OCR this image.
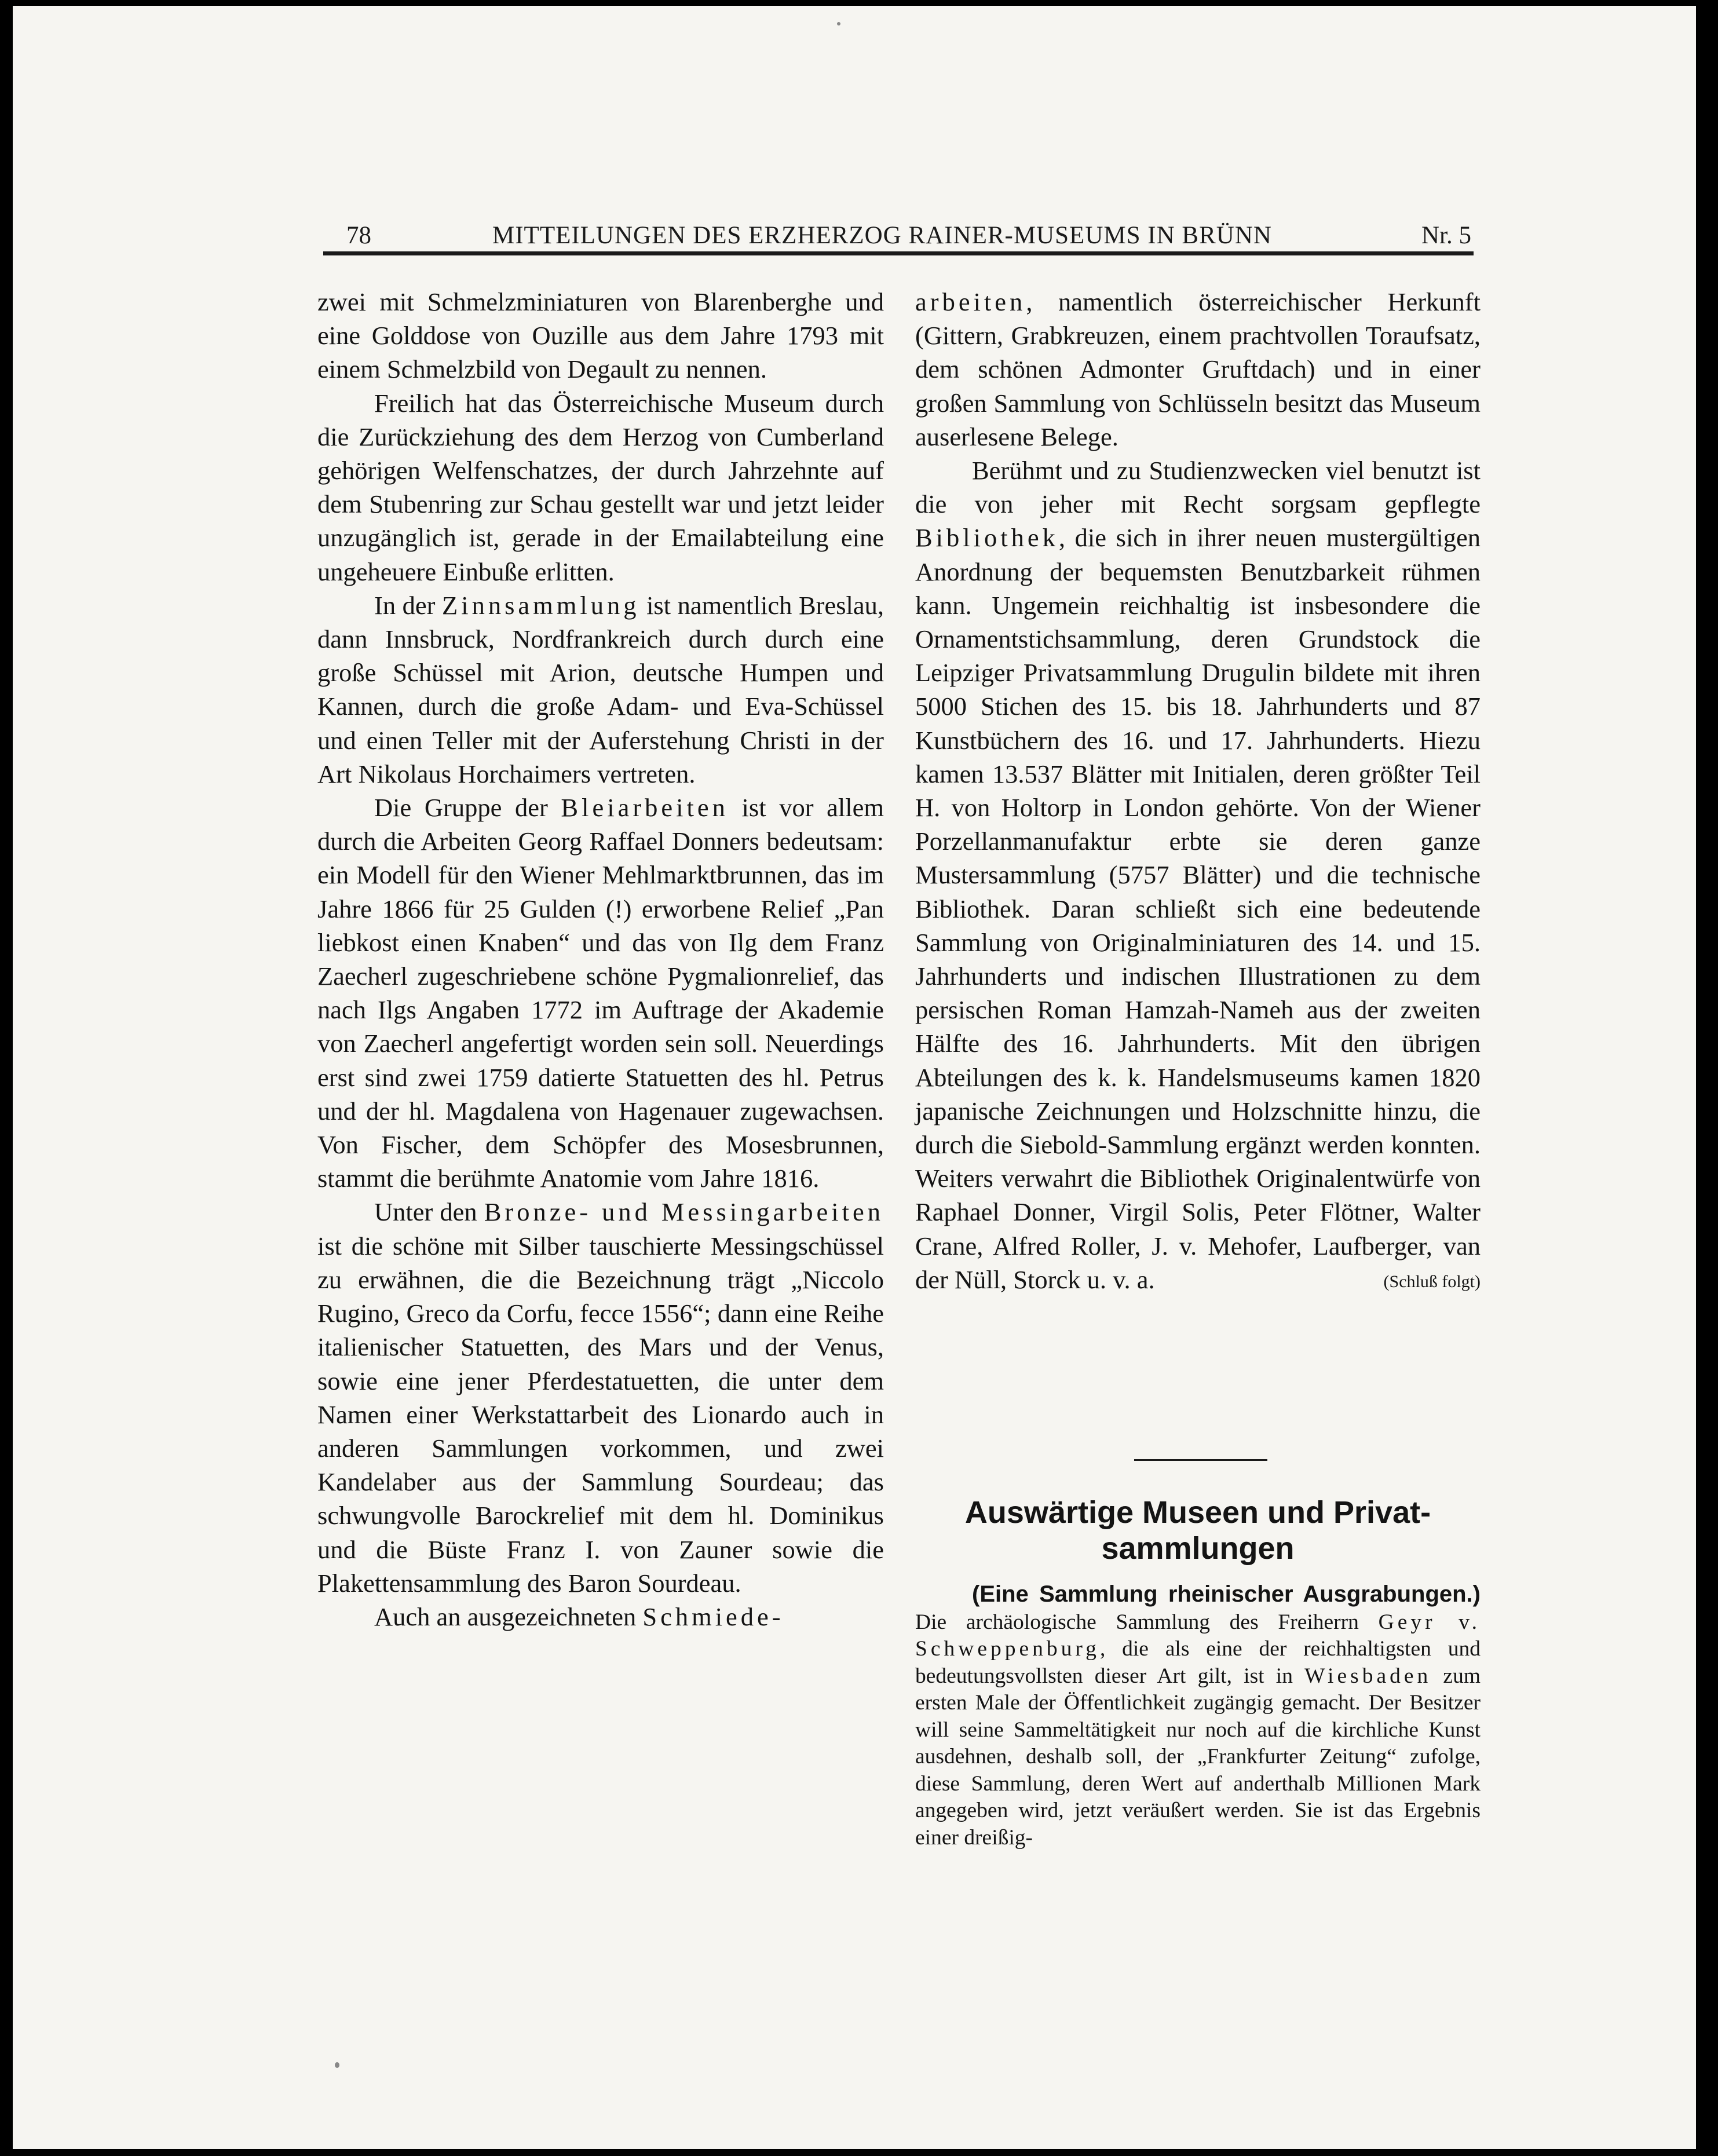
78	MITTEILUNGEN DES ERZHERZOG RAINER-MUSEUMS IN BRÜNN	Nr. 5

zwei mit Schmelzminiaturen von Blarenberghe und eine Golddose von Ouzille aus dem Jahre 1793 mit einem Schmelzbild von Degault zu nennen.

Freilich hat das Österreichische Museum durch die Zurückziehung des dem Herzog von Cumberland gehörigen Welfenschatzes, der durch Jahrzehnte auf dem Stubenring zur Schau gestellt war und jetzt leider unzugänglich ist, gerade in der Emailabteilung eine ungeheuere Einbuße erlitten.

In der Zinnsammlung ist namentlich Breslau, dann Innsbruck, Nordfrankreich durch durch eine große Schüssel mit Arion, deutsche Humpen und Kannen, durch die große Adam- und Eva-Schüssel und einen Teller mit der Auferstehung Christi in der Art Nikolaus Horchaimers vertreten.

Die Gruppe der Bleiarbeiten ist vor allem durch die Arbeiten Georg Raffael Donners bedeutsam: ein Modell für den Wiener Mehlmarktbrunnen, das im Jahre 1866 für 25 Gulden (!) erworbene Relief „Pan liebkost einen Knaben“ und das von Ilg dem Franz Zaecherl zugeschriebene schöne Pygmalionrelief, das nach Ilgs Angaben 1772 im Auftrage der Akademie von Zaecherl angefertigt worden sein soll. Neuerdings erst sind zwei 1759 datierte Statuetten des hl. Petrus und der hl. Magdalena von Hagenauer zugewachsen. Von Fischer, dem Schöpfer des Mosesbrunnen, stammt die berühmte Anatomie vom Jahre 1816.

Unter den Bronze- und Messingarbeiten ist die schöne mit Silber tauschierte Messingschüssel zu erwähnen, die die Bezeichnung trägt „Niccolo Rugino, Greco da Corfu, fecce 1556“; dann eine Reihe italienischer Statuetten, des Mars und der Venus, sowie eine jener Pferdestatuetten, die unter dem Namen einer Werkstattarbeit des Lionardo auch in anderen Sammlungen vorkommen, und zwei Kandelaber aus der Sammlung Sourdeau; das schwungvolle Barockrelief mit dem hl. Dominikus und die Büste Franz I. von Zauner sowie die Plakettensammlung des Baron Sourdeau.

Auch an ausgezeichneten Schmiede-

arbeiten, namentlich österreichischer Herkunft (Gittern, Grabkreuzen, einem prachtvollen Toraufsatz, dem schönen Admonter Gruftdach) und in einer großen Sammlung von Schlüsseln besitzt das Museum auserlesene Belege.

Berühmt und zu Studienzwecken viel benutzt ist die von jeher mit Recht sorgsam gepflegte Bibliothek, die sich in ihrer neuen mustergültigen Anordnung der bequemsten Benutzbarkeit rühmen kann. Ungemein reichhaltig ist insbesondere die Ornamentstichsammlung, deren Grundstock die Leipziger Privatsammlung Drugulin bildete mit ihren 5000 Stichen des 15. bis 18. Jahrhunderts und 87 Kunstbüchern des 16. und 17. Jahrhunderts. Hiezu kamen 13.537 Blätter mit Initialen, deren größter Teil H. von Holtorp in London gehörte. Von der Wiener Porzellanmanufaktur erbte sie deren ganze Mustersammlung (5757 Blätter) und die technische Bibliothek. Daran schließt sich eine bedeutende Sammlung von Originalminiaturen des 14. und 15. Jahrhunderts und indischen Illustrationen zu dem persischen Roman Hamzah-Nameh aus der zweiten Hälfte des 16. Jahrhunderts. Mit den übrigen Abteilungen des k. k. Handelsmuseums kamen 1820 japanische Zeichnungen und Holzschnitte hinzu, die durch die Siebold-Sammlung ergänzt werden konnten. Weiters verwahrt die Bibliothek Originalentwürfe von Raphael Donner, Virgil Solis, Peter Flötner, Walter Crane, Alfred Roller, J. v. Mehofer, Laufberger, van der Nüll, Storck u. v. a.	(Schluß folgt)

Auswärtige Museen und Privat-
sammlungen

(Eine Sammlung rheinischer Ausgrabungen.) Die archäologische Sammlung des Freiherrn Geyr v. Schweppenburg, die als eine der reichhaltigsten und bedeutungsvollsten dieser Art gilt, ist in Wiesbaden zum ersten Male der Öffentlichkeit zugängig gemacht. Der Besitzer will seine Sammeltätigkeit nur noch auf die kirchliche Kunst ausdehnen, deshalb soll, der „Frankfurter Zeitung“ zufolge, diese Sammlung, deren Wert auf anderthalb Millionen Mark angegeben wird, jetzt veräußert werden. Sie ist das Ergebnis einer dreißig-
